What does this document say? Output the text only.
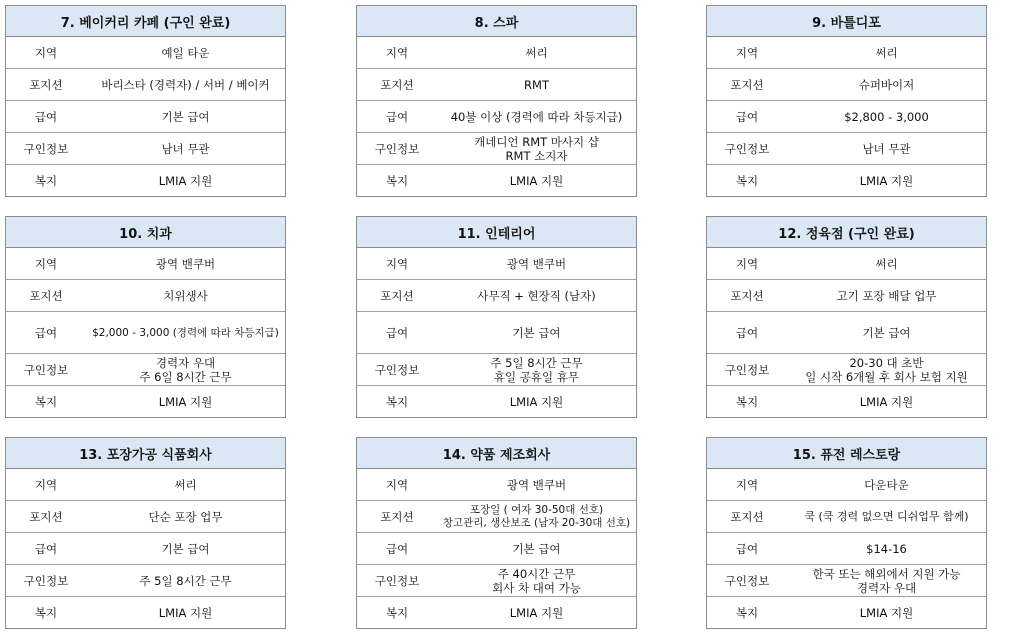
7. 베이커리 카페 (구인 완료)
지역	예일 타운
포지션	바리스타 (경력자) / 서버 / 베이커
급여	기본 급여
구인정보	남녀 무관
복지	LMIA 지원
8. 스파
지역	써리
포지션	RMT
급여	40불 이상 (경력에 따라 차등지급)
구인정보	캐네디언 RMT 마사지 샵
RMT 소지자
복지	LMIA 지원
9. 바틀디포
지역	써리
포지션	슈퍼바이저
급여	$2,800 - 3,000
구인정보	남녀 무관
복지	LMIA 지원
10. 치과
지역	광역 밴쿠버
포지션	치위생사
급여	$2,000 - 3,000 (경력에 따라 차등지급)
구인정보	경력자 우대
주 6일 8시간 근무
복지	LMIA 지원
11. 인테리어
지역	광역 밴쿠버
포지션	사무직 + 현장직 (남자)
급여	기본 급여
구인정보	주 5일 8시간 근무
휴일 공휴일 휴무
복지	LMIA 지원
12. 정육점 (구인 완료)
지역	써리
포지션	고기 포장 배달 업무
급여	기본 급여
구인정보	20-30 대 초반
일 시작 6개월 후 회사 보험 지원
복지	LMIA 지원
13. 포장가공 식품회사
지역	써리
포지션	단순 포장 업무
급여	기본 급여
구인정보	주 5일 8시간 근무
복지	LMIA 지원
14. 약품 제조회사
지역	광역 밴쿠버
포지션	포장일 ( 여자 30-50대 선호)
창고관리, 생산보조 (남자 20-30대 선호)
급여	기본 급여
구인정보	주 40시간 근무
회사 차 대여 가능
복지	LMIA 지원
15. 퓨전 레스토랑
지역	다운타운
포지션	쿡 (쿡 경력 없으면 디쉬업무 함께)
급여	$14-16
구인정보	한국 또는 해외에서 지원 가능
경력자 우대
복지	LMIA 지원
